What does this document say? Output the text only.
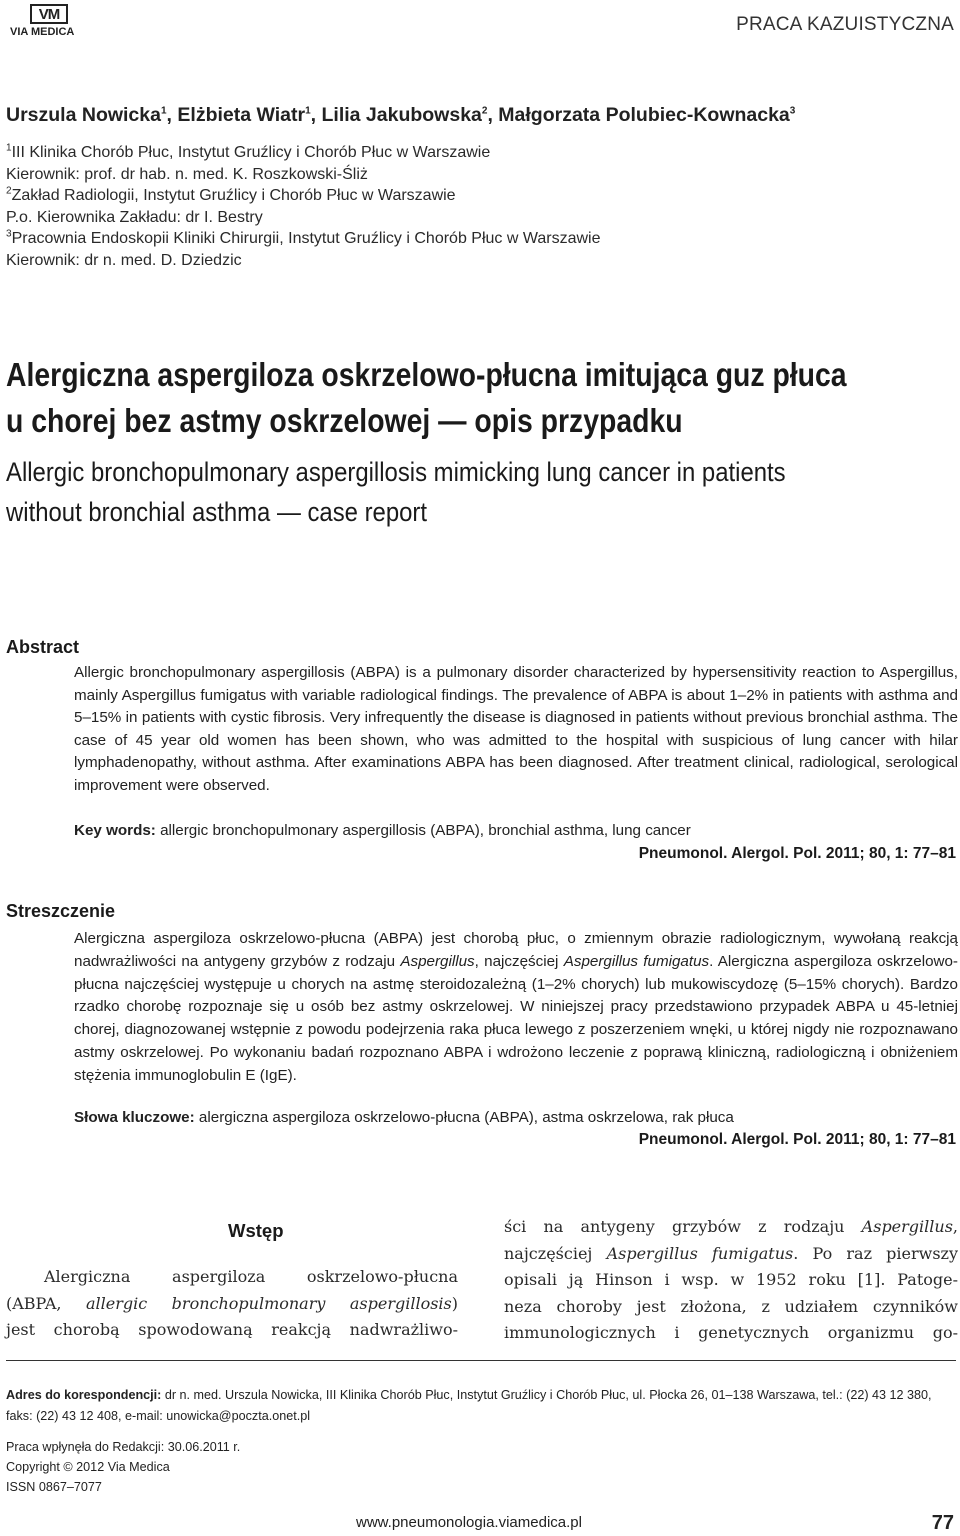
VM
VIA MEDICA	PRACA KAZUISTYCZNA
Urszula Nowicka$^1$, Elżbieta Wiatr$^1$, Lilia Jakubowska$^2$, Małgorzata Polubiec-Kownacka$^3$
$^1$III Klinika Chorób Płuc, Instytut Gruźlicy i Chorób Płuc w Warszawie
Kierownik: prof. dr hab. n. med. K. Roszkowski-Śliż
$^2$Zakład Radiologii, Instytut Gruźlicy i Chorób Płuc w Warszawie
P.o. Kierownika Zakładu: dr I. Bestry
$^3$Pracownia Endoskopii Kliniki Chirurgii, Instytut Gruźlicy i Chorób Płuc w Warszawie
Kierownik: dr n. med. D. Dziedzic
Alergiczna aspergiloza oskrzelowo-płucna imitująca guz płuca
u chorej bez astmy oskrzelowej — opis przypadku
Allergic bronchopulmonary aspergillosis mimicking lung cancer in patients
without bronchial asthma — case report
Abstract
Allergic bronchopulmonary aspergillosis (ABPA) is a pulmonary disorder characterized by hypersensitivity reaction to Aspergillus, mainly Aspergillus fumigatus with variable radiological findings. The prevalence of ABPA is about 1–2% in patients with asthma and 5–15% in patients with cystic fibrosis. Very infrequently the disease is diagnosed in patients without previous bronchial asthma. The case of 45 year old women has been shown, who was admitted to the hospital with suspicious of lung cancer with hilar lymphadenopathy, without asthma. After examinations ABPA has been diagnosed. After treatment clinical, radiological, serological improvement were observed.
Key words: allergic bronchopulmonary aspergillosis (ABPA), bronchial asthma, lung cancer
Pneumonol. Alergol. Pol. 2011; 80, 1: 77–81
Streszczenie
Alergiczna aspergiloza oskrzelowo-płucna (ABPA) jest chorobą płuc, o zmiennym obrazie radiologicznym, wywołaną reakcją nadwrażliwości na antygeny grzybów z rodzaju Aspergillus, najczęściej Aspergillus fumigatus. Alergiczna aspergiloza oskrzelowo-płucna najczęściej występuje u chorych na astmę steroidozależną (1–2% chorych) lub mukowiscydozę (5–15% chorych). Bardzo rzadko chorobę rozpoznaje się u osób bez astmy oskrzelowej. W niniejszej pracy przedstawiono przypadek ABPA u 45-letniej chorej, diagnozowanej wstępnie z powodu podejrzenia raka płuca lewego z poszerzeniem wnęki, u której nigdy nie rozpoznawano astmy oskrzelowej. Po wykonaniu badań rozpoznano ABPA i wdrożono leczenie z poprawą kliniczną, radiologiczną i obniżeniem stężenia immunoglobulin E (IgE).
Słowa kluczowe: alergiczna aspergiloza oskrzelowo-płucna (ABPA), astma oskrzelowa, rak płuca
Pneumonol. Alergol. Pol. 2011; 80, 1: 77–81
Wstęp
Alergiczna aspergiloza oskrzelowo-płucna
(ABPA, allergic bronchopulmonary aspergillosis)
jest chorobą spowodowaną reakcją nadwrażliwo-
ści na antygeny grzybów z rodzaju Aspergillus,
najczęściej Aspergillus fumigatus. Po raz pierwszy
opisali ją Hinson i wsp. w 1952 roku [1]. Patoge-
neza choroby jest złożona, z udziałem czynników
immunologicznych i genetycznych organizmu go-
Adres do korespondencji: dr n. med. Urszula Nowicka, III Klinika Chorób Płuc, Instytut Gruźlicy i Chorób Płuc, ul. Płocka 26, 01–138 Warszawa, tel.: (22) 43 12 380, faks: (22) 43 12 408, e-mail: unowicka@poczta.onet.pl
Praca wpłynęła do Redakcji: 30.06.2011 r.
Copyright © 2012 Via Medica
ISSN 0867–7077
www.pneumonologia.viamedica.pl	77
